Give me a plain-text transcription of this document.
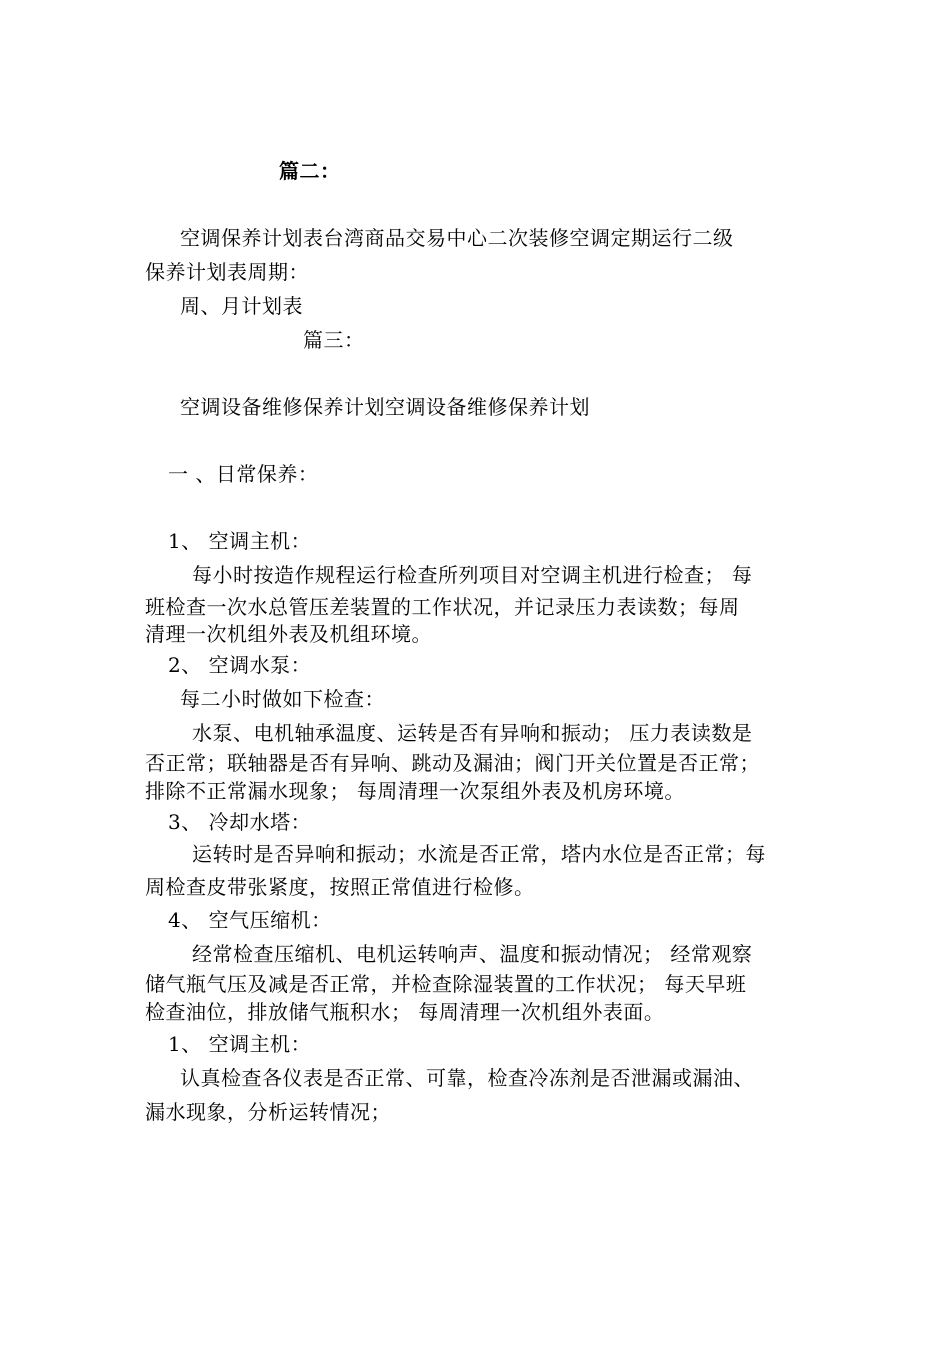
篇二：
空调保养计划表台湾商品交易中心二次装修空调定期运行二级
保养计划表周期：
周、月计划表
篇三：
空调设备维修保养计划空调设备维修保养计划
一 、日常保养：
1、 空调主机：
每小时按造作规程运行检查所列项目对空调主机进行检查； 每
班检查一次水总管压差装置的工作状况，并记录压力表读数；每周
清理一次机组外表及机组环境。
2、 空调水泵：
每二小时做如下检查：
水泵、电机轴承温度、运转是否有异响和振动； 压力表读数是
否正常；联轴器是否有异响、跳动及漏油；阀门开关位置是否正常；
排除不正常漏水现象； 每周清理一次泵组外表及机房环境。
3、 冷却水塔：
运转时是否异响和振动；水流是否正常，塔内水位是否正常；每
周检查皮带张紧度，按照正常值进行检修。
4、 空气压缩机：
经常检查压缩机、电机运转响声、温度和振动情况； 经常观察
储气瓶气压及减是否正常，并检查除湿装置的工作状况； 每天早班
检查油位，排放储气瓶积水； 每周清理一次机组外表面。
1、 空调主机：
认真检查各仪表是否正常、可靠，检查冷冻剂是否泄漏或漏油、
漏水现象，分析运转情况；
